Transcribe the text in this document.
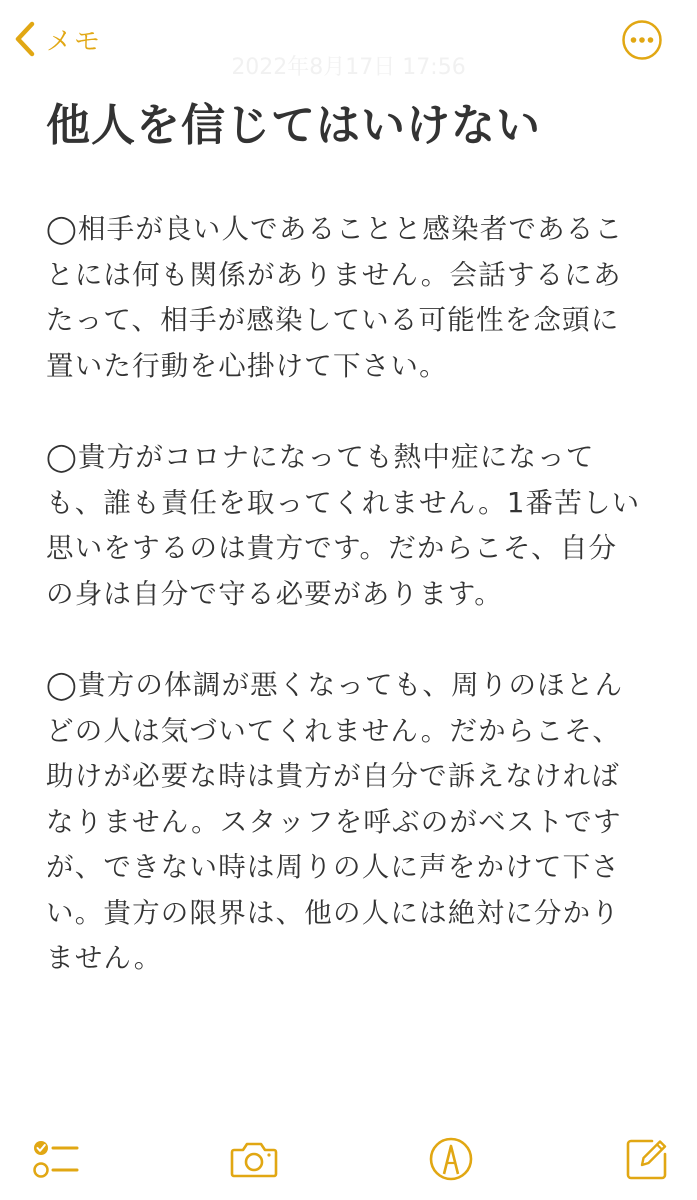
メモ
2022年8月17日 17:56
他人を信じてはいけない

◯相手が良い人であることと感染者であることには何も関係がありません。会話するにあたって、相手が感染している可能性を念頭に置いた行動を心掛けて下さい。

◯貴方がコロナになっても熱中症になっても、誰も責任を取ってくれません。1番苦しい思いをするのは貴方です。だからこそ、自分の身は自分で守る必要があります。

◯貴方の体調が悪くなっても、周りのほとんどの人は気づいてくれません。だからこそ、助けが必要な時は貴方が自分で訴えなければなりません。スタッフを呼ぶのがベストですが、できない時は周りの人に声をかけて下さい。貴方の限界は、他の人には絶対に分かりません。
